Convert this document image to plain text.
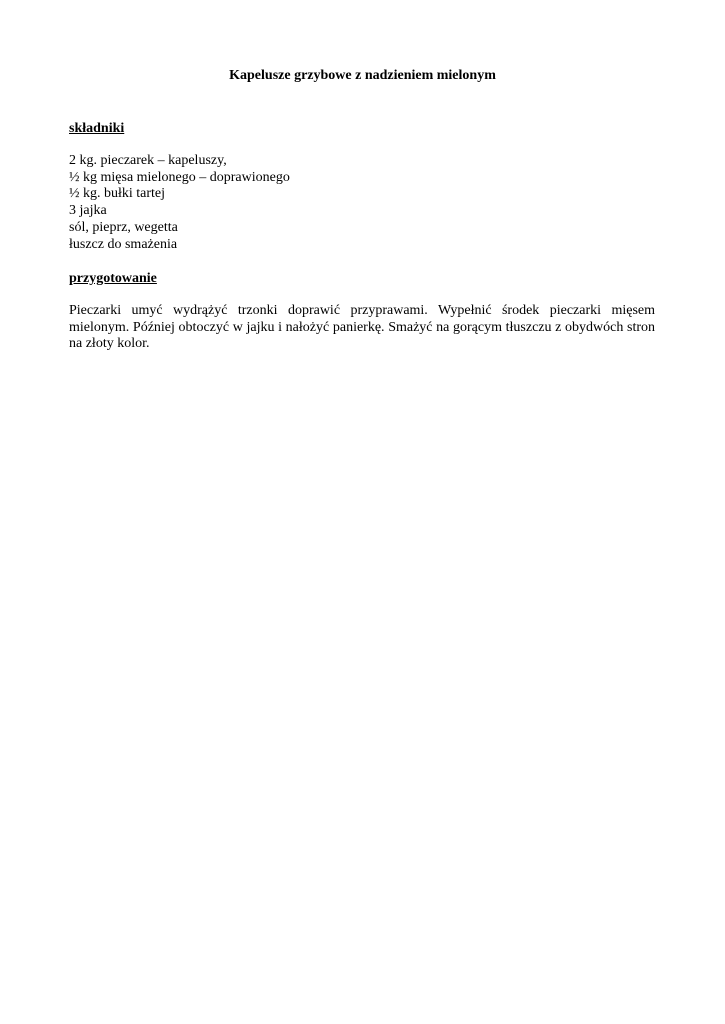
Kapelusze grzybowe z nadzieniem mielonym
składniki
2 kg. pieczarek – kapeluszy,
½ kg mięsa mielonego – doprawionego
½ kg. bułki tartej
3 jajka
sól, pieprz, wegetta
łuszcz do smażenia
przygotowanie

Pieczarki umyć wydrążyć trzonki doprawić przyprawami. Wypełnić środek pieczarki mięsem mielonym. Później obtoczyć w jajku i nałożyć panierkę. Smażyć na gorącym tłuszczu z obydwóch stron na złoty kolor.
